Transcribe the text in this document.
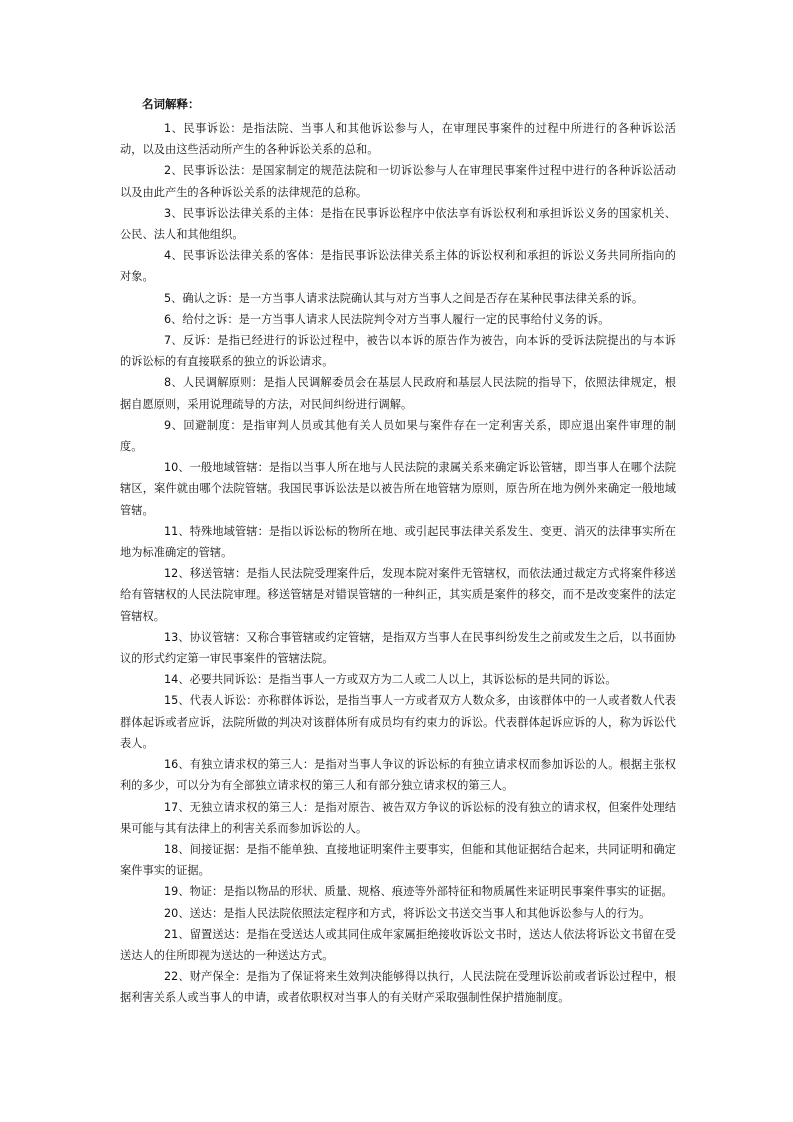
名词解释：

1、民事诉讼：是指法院、当事人和其他诉讼参与人，在审理民事案件的过程中所进行的各种诉讼活动，以及由这些活动所产生的各种诉讼关系的总和。

2、民事诉讼法：是国家制定的规范法院和一切诉讼参与人在审理民事案件过程中进行的各种诉讼活动以及由此产生的各种诉讼关系的法律规范的总称。

3、民事诉讼法律关系的主体：是指在民事诉讼程序中依法享有诉讼权利和承担诉讼义务的国家机关、公民、法人和其他组织。

4、民事诉讼法律关系的客体：是指民事诉讼法律关系主体的诉讼权利和承担的诉讼义务共同所指向的对象。

5、确认之诉：是一方当事人请求法院确认其与对方当事人之间是否存在某种民事法律关系的诉。

6、给付之诉：是一方当事人请求人民法院判令对方当事人履行一定的民事给付义务的诉。

7、反诉：是指已经进行的诉讼过程中，被告以本诉的原告作为被告，向本诉的受诉法院提出的与本诉的诉讼标的有直接联系的独立的诉讼请求。

8、人民调解原则：是指人民调解委员会在基层人民政府和基层人民法院的指导下，依照法律规定，根据自愿原则，采用说理疏导的方法，对民间纠纷进行调解。

9、回避制度：是指审判人员或其他有关人员如果与案件存在一定利害关系，即应退出案件审理的制度。

10、一般地域管辖：是指以当事人所在地与人民法院的隶属关系来确定诉讼管辖，即当事人在哪个法院辖区，案件就由哪个法院管辖。我国民事诉讼法是以被告所在地管辖为原则，原告所在地为例外来确定一般地域管辖。

11、特殊地域管辖：是指以诉讼标的物所在地、或引起民事法律关系发生、变更、消灭的法律事实所在地为标准确定的管辖。

12、移送管辖：是指人民法院受理案件后，发现本院对案件无管辖权，而依法通过裁定方式将案件移送给有管辖权的人民法院审理。移送管辖是对错误管辖的一种纠正，其实质是案件的移交，而不是改变案件的法定管辖权。

13、协议管辖：又称合事管辖或约定管辖，是指双方当事人在民事纠纷发生之前或发生之后，以书面协议的形式约定第一审民事案件的管辖法院。

14、必要共同诉讼：是指当事人一方或双方为二人或二人以上，其诉讼标的是共同的诉讼。

15、代表人诉讼：亦称群体诉讼，是指当事人一方或者双方人数众多，由该群体中的一人或者数人代表群体起诉或者应诉，法院所做的判决对该群体所有成员均有约束力的诉讼。代表群体起诉应诉的人，称为诉讼代表人。

16、有独立请求权的第三人：是指对当事人争议的诉讼标的有独立请求权而参加诉讼的人。根据主张权利的多少，可以分为有全部独立请求权的第三人和有部分独立请求权的第三人。

17、无独立请求权的第三人：是指对原告、被告双方争议的诉讼标的没有独立的请求权，但案件处理结果可能与其有法律上的利害关系而参加诉讼的人。

18、间接证据：是指不能单独、直接地证明案件主要事实，但能和其他证据结合起来，共同证明和确定案件事实的证据。

19、物证：是指以物品的形状、质量、规格、痕迹等外部特征和物质属性来证明民事案件事实的证据。

20、送达：是指人民法院依照法定程序和方式，将诉讼文书送交当事人和其他诉讼参与人的行为。

21、留置送达：是指在受送达人或其同住成年家属拒绝接收诉讼文书时，送达人依法将诉讼文书留在受送达人的住所即视为送达的一种送达方式。

22、财产保全：是指为了保证将来生效判决能够得以执行，人民法院在受理诉讼前或者诉讼过程中，根据利害关系人或当事人的申请，或者依职权对当事人的有关财产采取强制性保护措施制度。
